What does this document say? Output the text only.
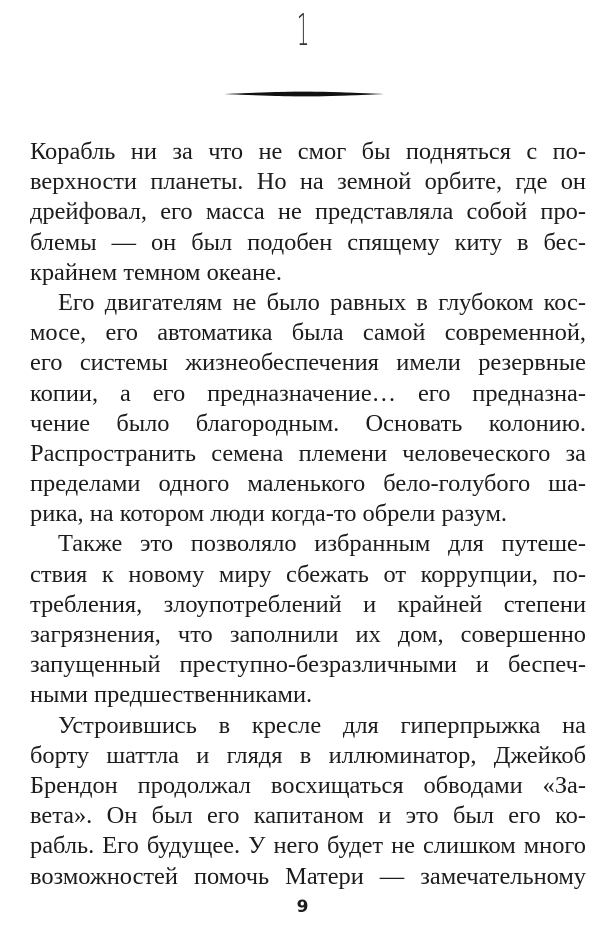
1
Корабль ни за что не смог бы подняться с по-
верхности планеты. Но на земной орбите, где он
дрейфовал, его масса не представляла собой про-
блемы — он был подобен спящему киту в бес-
крайнем темном океане.
Его двигателям не было равных в глубоком кос-
мосе, его автоматика была самой современной,
его системы жизнеобеспечения имели резервные
копии, а его предназначение… его предназна-
чение было благородным. Основать колонию.
Распространить семена племени человеческого за
пределами одного маленького бело-голубого ша-
рика, на котором люди когда-то обрели разум.
Также это позволяло избранным для путеше-
ствия к новому миру сбежать от коррупции, по-
требления, злоупотреблений и крайней степени
загрязнения, что заполнили их дом, совершенно
запущенный преступно-безразличными и беспеч-
ными предшественниками.
Устроившись в кресле для гиперпрыжка на
борту шаттла и глядя в иллюминатор, Джейкоб
Брендон продолжал восхищаться обводами «За-
вета». Он был его капитаном и это был его ко-
рабль. Его будущее. У него будет не слишком много
возможностей помочь Матери — замечательному
9
